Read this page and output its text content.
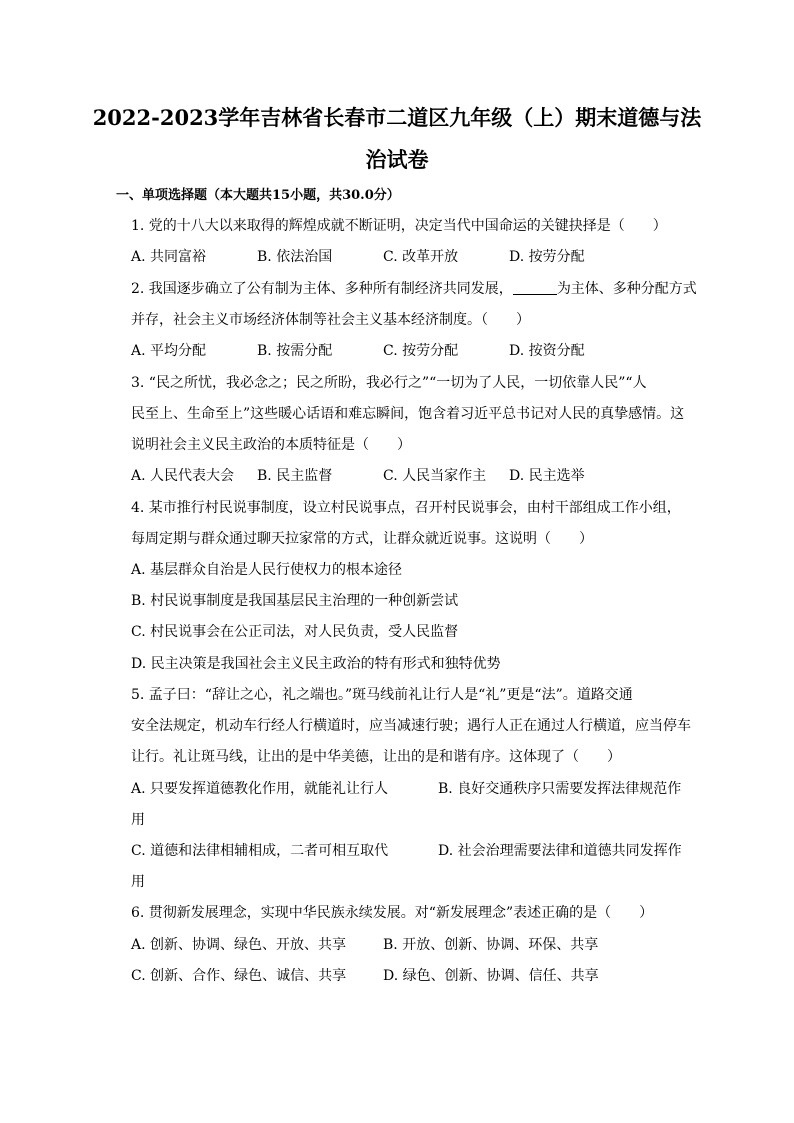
2022-2023学年吉林省长春市二道区九年级（上）期末道德与法
治试卷
一、单项选择题（本大题共15小题，共30.0分）
1. 党的十八大以来取得的辉煌成就不断证明，决定当代中国命运的关键抉择是（　　）
A. 共同富裕	B. 依法治国	C. 改革开放	D. 按劳分配
2. 我国逐步确立了公有制为主体、多种所有制经济共同发展，	为主体、多种分配方式
并存，社会主义市场经济体制等社会主义基本经济制度。（　　）
A. 平均分配	B. 按需分配	C. 按劳分配	D. 按资分配
3. “民之所忧，我必念之；民之所盼，我必行之”“一切为了人民，一切依靠人民”“人
民至上、生命至上”这些暖心话语和难忘瞬间，饱含着习近平总书记对人民的真挚感情。这
说明社会主义民主政治的本质特征是（　　）
A. 人民代表大会 B. 民主监督	C. 人民当家作主 D. 民主选举
4. 某市推行村民说事制度，设立村民说事点，召开村民说事会，由村干部组成工作小组，
每周定期与群众通过聊天拉家常的方式，让群众就近说事。这说明（　　）
A. 基层群众自治是人民行使权力的根本途径
B. 村民说事制度是我国基层民主治理的一种创新尝试
C. 村民说事会在公正司法，对人民负责，受人民监督
D. 民主决策是我国社会主义民主政治的特有形式和独特优势
5. 孟子曰：“辞让之心，礼之端也。”斑马线前礼让行人是“礼”更是“法”。道路交通
安全法规定，机动车行经人行横道时，应当减速行驶；遇行人正在通过人行横道，应当停车
让行。礼让斑马线，让出的是中华美德，让出的是和谐有序。这体现了（　　）
A. 只要发挥道德教化作用，就能礼让行人	B. 良好交通秩序只需要发挥法律规范作
用
C. 道德和法律相辅相成，二者可相互取代	D. 社会治理需要法律和道德共同发挥作
用
6. 贯彻新发展理念，实现中华民族永续发展。对“新发展理念”表述正确的是（　　）
A. 创新、协调、绿色、开放、共享	B. 开放、创新、协调、环保、共享
C. 创新、合作、绿色、诚信、共享	D. 绿色、创新、协调、信任、共享
